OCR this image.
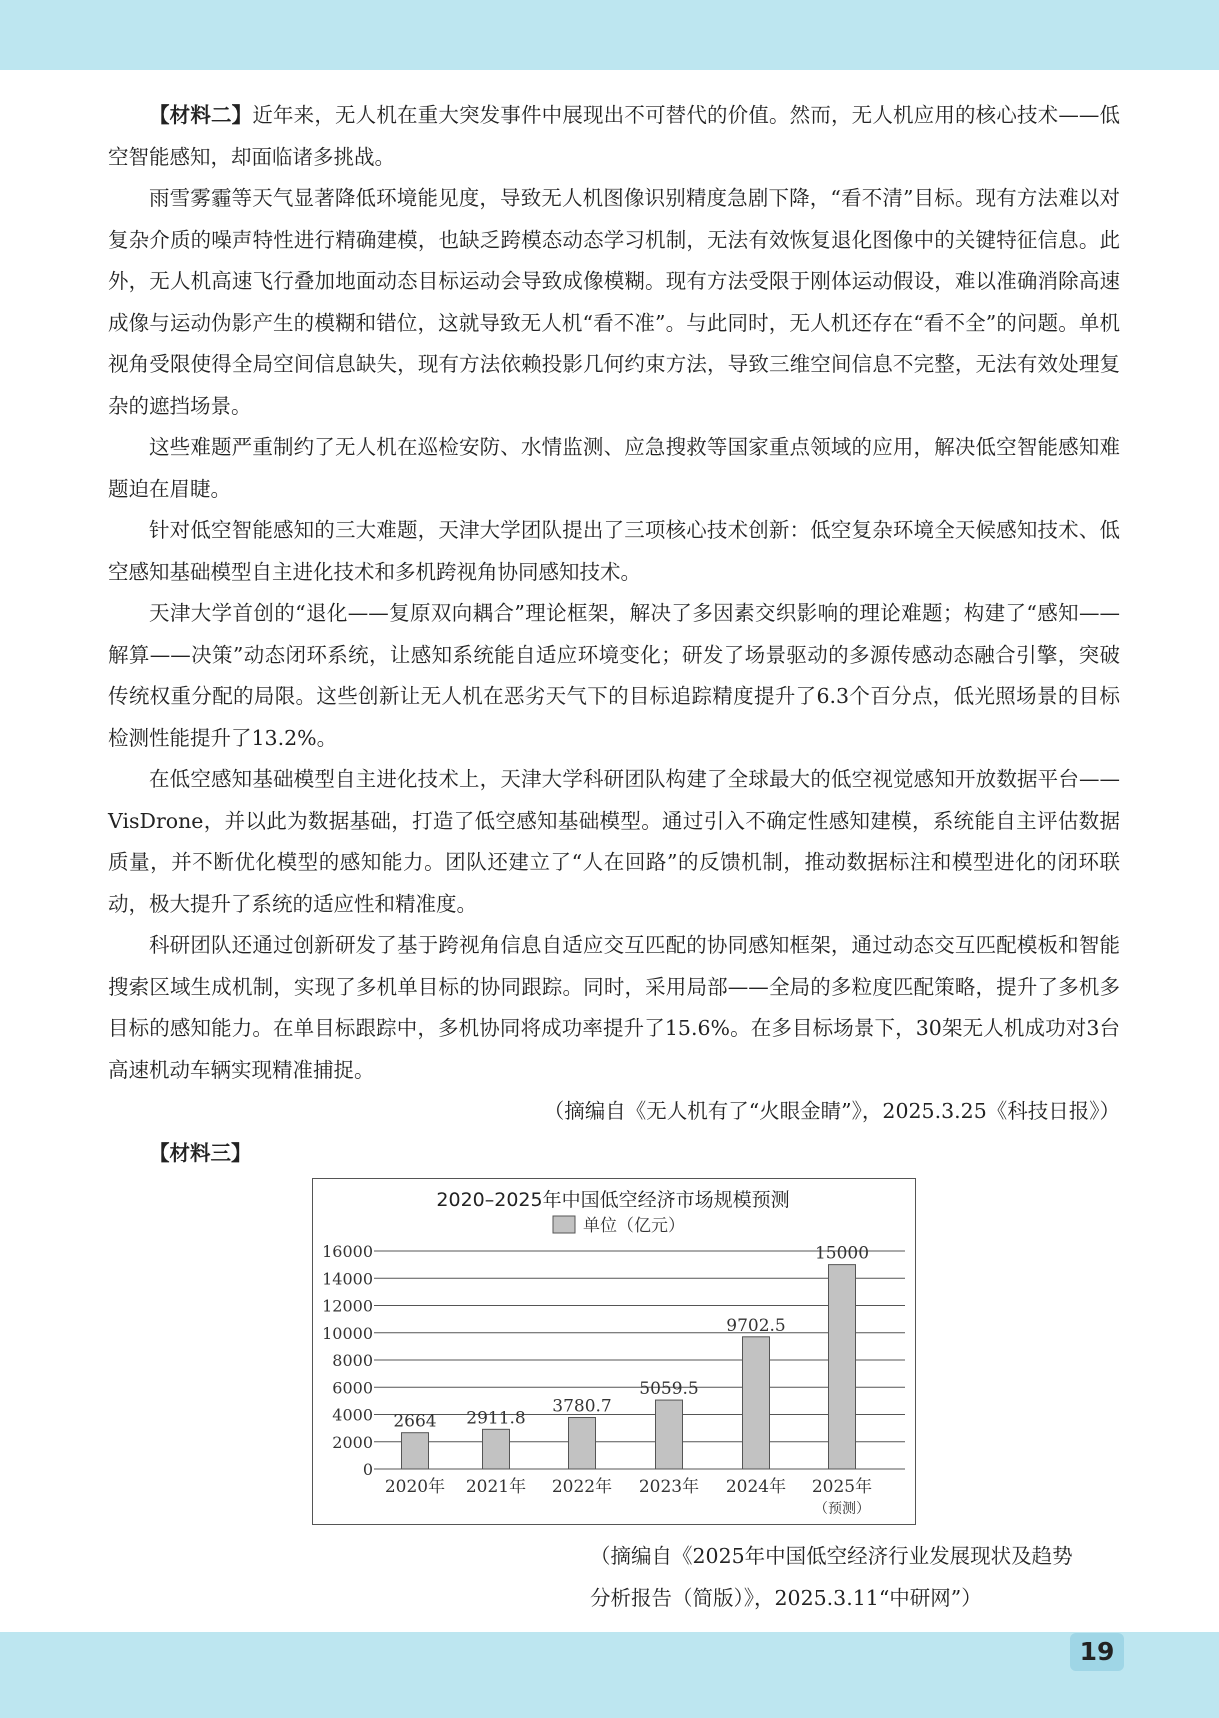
【材料二】近年来，无人机在重大突发事件中展现出不可替代的价值。然而，无人机应用的核心技术——低空智能感知，却面临诸多挑战。

雨雪雾霾等天气显著降低环境能见度，导致无人机图像识别精度急剧下降，“看不清”目标。现有方法难以对复杂介质的噪声特性进行精确建模，也缺乏跨模态动态学习机制，无法有效恢复退化图像中的关键特征信息。此外，无人机高速飞行叠加地面动态目标运动会导致成像模糊。现有方法受限于刚体运动假设，难以准确消除高速成像与运动伪影产生的模糊和错位，这就导致无人机“看不准”。与此同时，无人机还存在“看不全”的问题。单机视角受限使得全局空间信息缺失，现有方法依赖投影几何约束方法，导致三维空间信息不完整，无法有效处理复杂的遮挡场景。

这些难题严重制约了无人机在巡检安防、水情监测、应急搜救等国家重点领域的应用，解决低空智能感知难题迫在眉睫。

针对低空智能感知的三大难题，天津大学团队提出了三项核心技术创新：低空复杂环境全天候感知技术、低空感知基础模型自主进化技术和多机跨视角协同感知技术。

天津大学首创的“退化——复原双向耦合”理论框架，解决了多因素交织影响的理论难题；构建了“感知——解算——决策”动态闭环系统，让感知系统能自适应环境变化；研发了场景驱动的多源传感动态融合引擎，突破传统权重分配的局限。这些创新让无人机在恶劣天气下的目标追踪精度提升了6.3个百分点，低光照场景的目标检测性能提升了13.2%。

在低空感知基础模型自主进化技术上，天津大学科研团队构建了全球最大的低空视觉感知开放数据平台——VisDrone，并以此为数据基础，打造了低空感知基础模型。通过引入不确定性感知建模，系统能自主评估数据质量，并不断优化模型的感知能力。团队还建立了“人在回路”的反馈机制，推动数据标注和模型进化的闭环联动，极大提升了系统的适应性和精准度。

科研团队还通过创新研发了基于跨视角信息自适应交互匹配的协同感知框架，通过动态交互匹配模板和智能搜索区域生成机制，实现了多机单目标的协同跟踪。同时，采用局部——全局的多粒度匹配策略，提升了多机多目标的感知能力。在单目标跟踪中，多机协同将成功率提升了15.6%。在多目标场景下，30架无人机成功对3台高速机动车辆实现精准捕捉。

（摘编自《无人机有了“火眼金睛”》，2025.3.25《科技日报》）

【材料三】

2020–2025年中国低空经济市场规模预测
单位（亿元）
0
2000
4000
6000
8000
10000
12000
14000
16000
2664
2020年
2911.8
2021年
3780.7
2022年
5059.5
2023年
9702.5
2024年
15000
2025年
（预测）
（摘编自《2025年中国低空经济行业发展现状及趋势
分析报告（简版）》，2025.3.11“中研网”）
19
